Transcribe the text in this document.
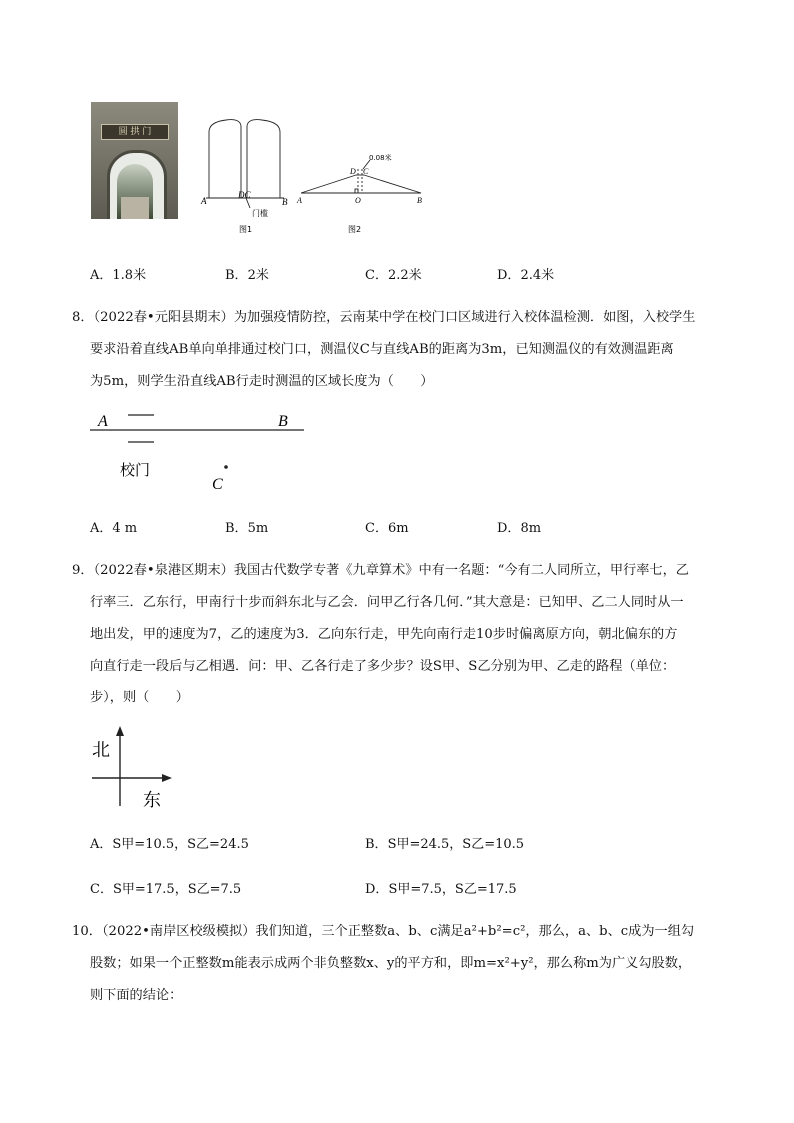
圆 拱 门
A
DC
B
门槛
图1
0.08米
D C
A	O	B
图2
A．1.8米	B．2米	C．2.2米	D．2.4米
8．（2022春•元阳县期末）为加强疫情防控，云南某中学在校门口区域进行入校体温检测．如图，入校学生
要求沿着直线AB单向单排通过校门口，测温仪C与直线AB的距离为3m，已知测温仪的有效测温距离
为5m，则学生沿直线AB行走时测温的区域长度为（　　）
A	B
校门
C
A．4 m	B．5m	C．6m	D．8m
9．（2022春•泉港区期末）我国古代数学专著《九章算术》中有一名题：“今有二人同所立，甲行率七，乙
行率三．乙东行，甲南行十步而斜东北与乙会．问甲乙行各几何．”其大意是：已知甲、乙二人同时从一
地出发，甲的速度为7，乙的速度为3．乙向东行走，甲先向南行走10步时偏离原方向，朝北偏东的方
向直行走一段后与乙相遇．问：甲、乙各行走了多少步？设S甲、S乙分别为甲、乙走的路程（单位：
步），则（　　）
北
东
A．S甲=10.5，S乙=24.5	B．S甲=24.5，S乙=10.5
C．S甲=17.5，S乙=7.5	D．S甲=7.5，S乙=17.5
10．（2022•南岸区校级模拟）我们知道，三个正整数a、b、c满足a²+b²=c²，那么，a、b、c成为一组勾
股数；如果一个正整数m能表示成两个非负整数x、y的平方和，即m=x²+y²，那么称m为广义勾股数，
则下面的结论：
